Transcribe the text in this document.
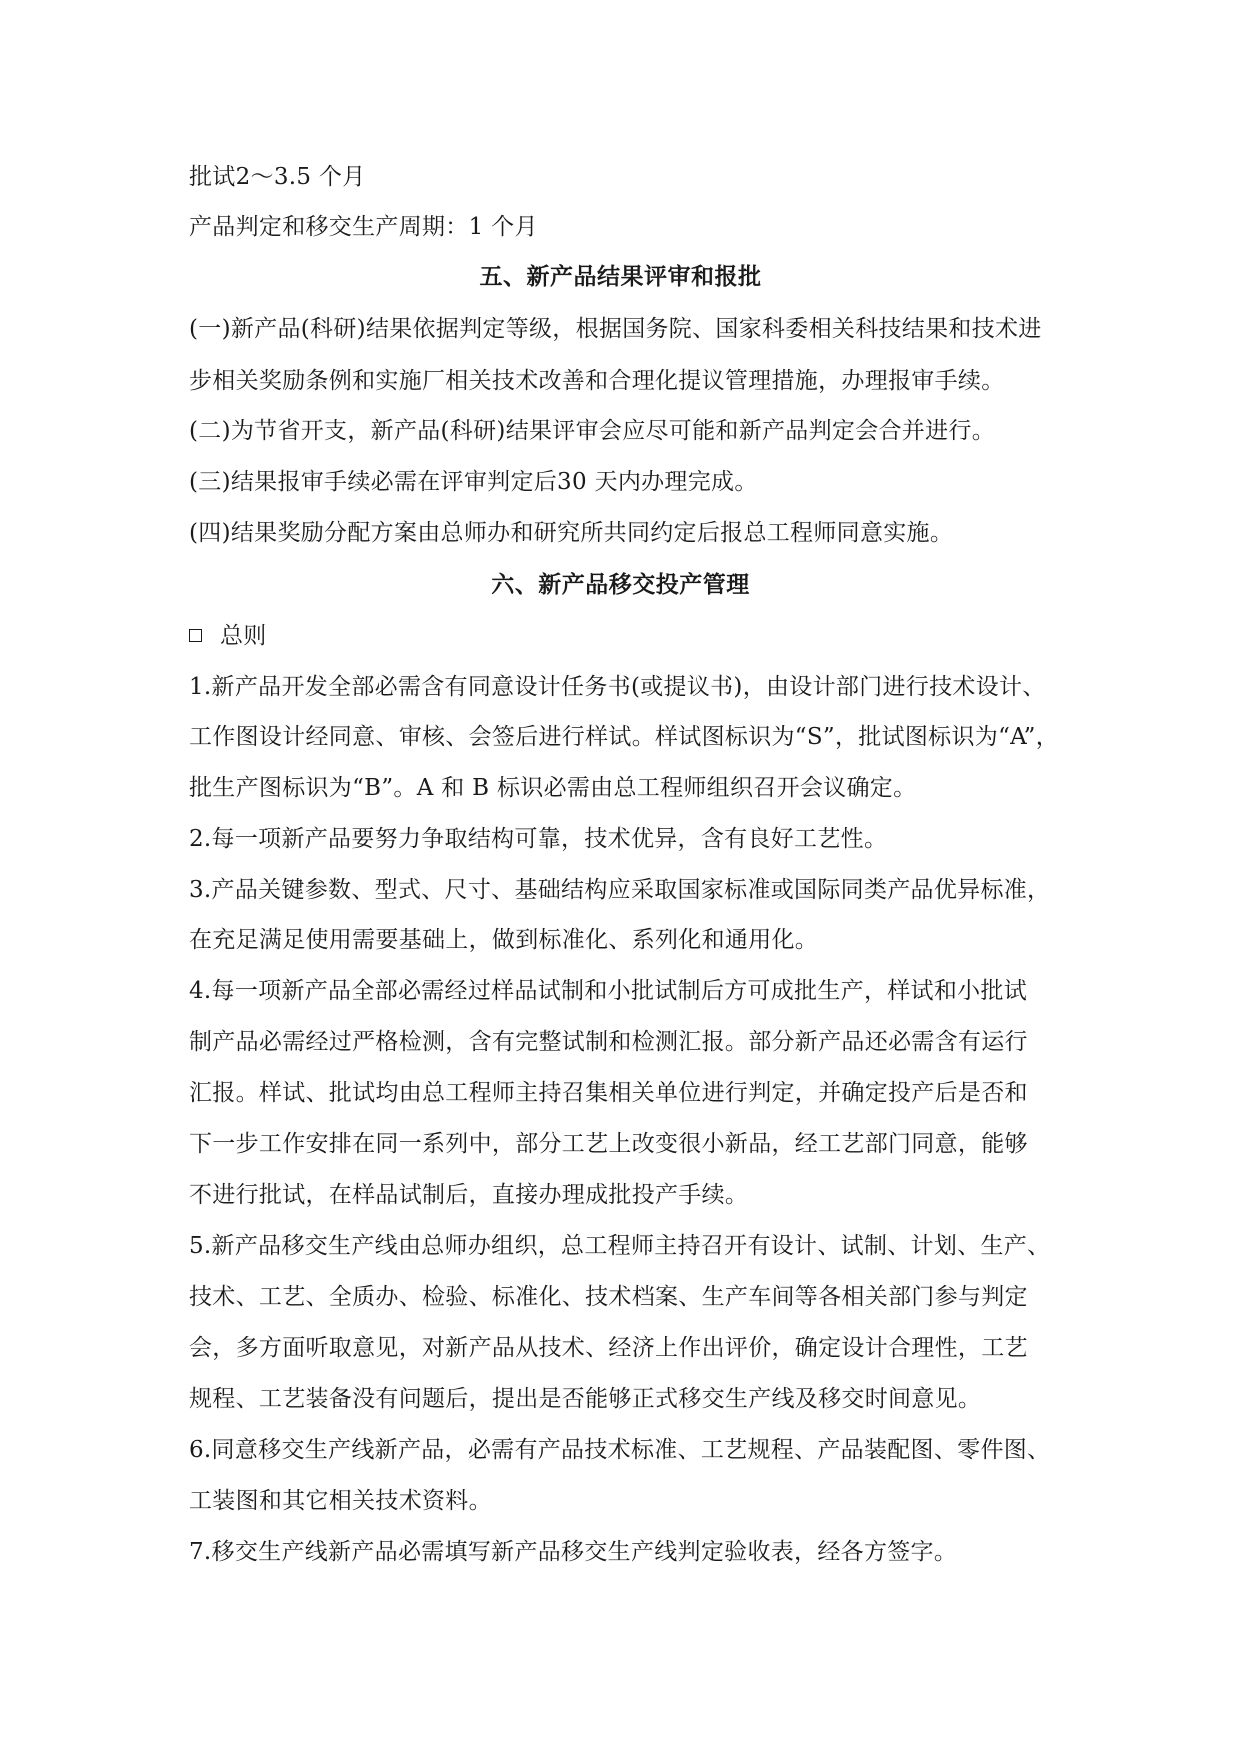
批试2～3.5 个月
产品判定和移交生产周期：1 个月
五、新产品结果评审和报批
(一)新产品(科研)结果依据判定等级，根据国务院、国家科委相关科技结果和技术进
步相关奖励条例和实施厂相关技术改善和合理化提议管理措施，办理报审手续。
(二)为节省开支，新产品(科研)结果评审会应尽可能和新产品判定会合并进行。
(三)结果报审手续必需在评审判定后30 天内办理完成。
(四)结果奖励分配方案由总师办和研究所共同约定后报总工程师同意实施。
六、新产品移交投产管理
总则
1.新产品开发全部必需含有同意设计任务书(或提议书)，由设计部门进行技术设计、
工作图设计经同意、审核、会签后进行样试。样试图标识为“S”，批试图标识为“A”，
批生产图标识为“B”。A 和 B 标识必需由总工程师组织召开会议确定。
2.每一项新产品要努力争取结构可靠，技术优异，含有良好工艺性。
3.产品关键参数、型式、尺寸、基础结构应采取国家标准或国际同类产品优异标准，
在充足满足使用需要基础上，做到标准化、系列化和通用化。
4.每一项新产品全部必需经过样品试制和小批试制后方可成批生产，样试和小批试
制产品必需经过严格检测，含有完整试制和检测汇报。部分新产品还必需含有运行
汇报。样试、批试均由总工程师主持召集相关单位进行判定，并确定投产后是否和
下一步工作安排在同一系列中，部分工艺上改变很小新品，经工艺部门同意，能够
不进行批试，在样品试制后，直接办理成批投产手续。
5.新产品移交生产线由总师办组织，总工程师主持召开有设计、试制、计划、生产、
技术、工艺、全质办、检验、标准化、技术档案、生产车间等各相关部门参与判定
会，多方面听取意见，对新产品从技术、经济上作出评价，确定设计合理性，工艺
规程、工艺装备没有问题后，提出是否能够正式移交生产线及移交时间意见。
6.同意移交生产线新产品，必需有产品技术标准、工艺规程、产品装配图、零件图、
工装图和其它相关技术资料。
7.移交生产线新产品必需填写新产品移交生产线判定验收表，经各方签字。
